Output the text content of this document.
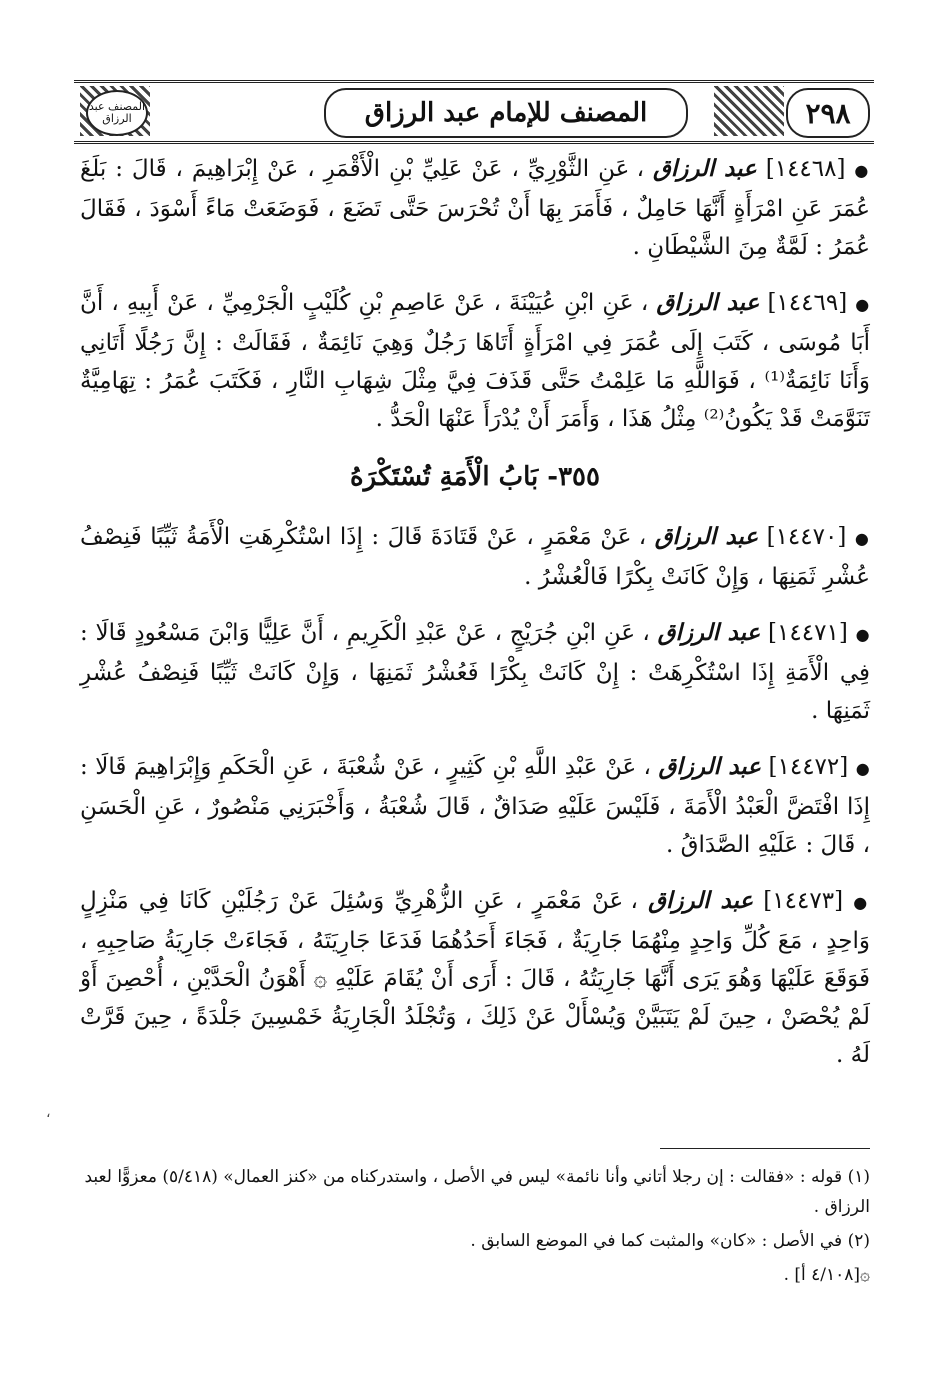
المصنف عبد الرزاق	المصنف للإمام عبد الرزاق	٢٩٨

● [١٤٤٦٨] عبد الرزاق ، عَنِ الثَّوْرِيِّ ، عَنْ عَلِيِّ بْنِ الْأَقْمَرِ ، عَنْ إِبْرَاهِيمَ ، قَالَ : بَلَغَ عُمَرَ عَنِ امْرَأَةٍ أَنَّهَا حَامِلٌ ، فَأَمَرَ بِهَا أَنْ تُحْرَسَ حَتَّى تَضَعَ ، فَوَضَعَتْ مَاءً أَسْوَدَ ، فَقَالَ عُمَرُ : لَمَّةٌ مِنَ الشَّيْطَانِ .

● [١٤٤٦٩] عبد الرزاق ، عَنِ ابْنِ عُيَيْنَةَ ، عَنْ عَاصِمِ بْنِ كُلَيْبٍ الْجَرْمِيِّ ، عَنْ أَبِيهِ ، أَنَّ أَبَا مُوسَى ، كَتَبَ إِلَى عُمَرَ فِي امْرَأَةٍ أَتَاهَا رَجُلٌ وَهِيَ نَائِمَةٌ ، فَقَالَتْ : إِنَّ رَجُلًا أَتَانِي وَأَنَا نَائِمَةٌ⁽¹⁾ ، فَوَاللَّهِ مَا عَلِمْتُ حَتَّى قَذَفَ فِيَّ مِثْلَ شِهَابِ النَّارِ ، فَكَتَبَ عُمَرُ : تِهَامِيَّةٌ تَنَوَّمَتْ قَدْ يَكُونُ⁽²⁾ مِثْلُ هَذَا ، وَأَمَرَ أَنْ يُدْرَأَ عَنْهَا الْحَدُّ .

٣٥٥- بَابُ الْأَمَةِ تُسْتَكْرَهُ

● [١٤٤٧٠] عبد الرزاق ، عَنْ مَعْمَرٍ ، عَنْ قَتَادَةَ قَالَ : إِذَا اسْتُكْرِهَتِ الْأَمَةُ ثَيِّبًا فَنِصْفُ عُشْرِ ثَمَنِهَا ، وَإِنْ كَانَتْ بِكْرًا فَالْعُشْرُ .

● [١٤٤٧١] عبد الرزاق ، عَنِ ابْنِ جُرَيْجٍ ، عَنْ عَبْدِ الْكَرِيمِ ، أَنَّ عَلِيًّا وَابْنَ مَسْعُودٍ قَالَا : فِي الْأَمَةِ إِذَا اسْتُكْرِهَتْ : إِنْ كَانَتْ بِكْرًا فَعُشْرُ ثَمَنِهَا ، وَإِنْ كَانَتْ ثَيِّبًا فَنِصْفُ عُشْرِ ثَمَنِهَا .

● [١٤٤٧٢] عبد الرزاق ، عَنْ عَبْدِ اللَّهِ بْنِ كَثِيرٍ ، عَنْ شُعْبَةَ ، عَنِ الْحَكَمِ وَإِبْرَاهِيمَ قَالَا : إِذَا افْتَضَّ الْعَبْدُ الْأَمَةَ ، فَلَيْسَ عَلَيْهِ صَدَاقٌ ، قَالَ شُعْبَةُ ، وَأَخْبَرَنِي مَنْصُورٌ ، عَنِ الْحَسَنِ ، قَالَ : عَلَيْهِ الصَّدَاقُ .

● [١٤٤٧٣] عبد الرزاق ، عَنْ مَعْمَرٍ ، عَنِ الزُّهْرِيِّ وَسُئِلَ عَنْ رَجُلَيْنِ كَانَا فِي مَنْزِلٍ وَاحِدٍ ، مَعَ كُلِّ وَاحِدٍ مِنْهُمَا جَارِيَةٌ ، فَجَاءَ أَحَدُهُمَا فَدَعَا جَارِيَتَهُ ، فَجَاءَتْ جَارِيَةُ صَاحِبِهِ ، فَوَقَعَ عَلَيْهَا وَهُوَ يَرَى أَنَّهَا جَارِيَتُهُ ، قَالَ : أَرَى أَنْ يُقَامَ عَلَيْهِ ۞ أَهْوَنُ الْحَدَّيْنِ ، أُحْصِنَ أَوْ لَمْ يُحْصَنْ ، حِينَ لَمْ يَتَبَيَّنْ وَيُسْأَلْ عَنْ ذَلِكَ ، وَتُجْلَدُ الْجَارِيَةُ خَمْسِينَ جَلْدَةً ، حِينَ قَرَّتْ لَهُ .

،

(١) قوله : «فقالت : إن رجلا أتاني وأنا نائمة» ليس في الأصل ، واستدركناه من «كنز العمال» (٥/٤١٨) معزوًّا لعبد الرزاق .

(٢) في الأصل : «كان» والمثبت كما في الموضع السابق .

۞[٤/١٠٨ أ] .
